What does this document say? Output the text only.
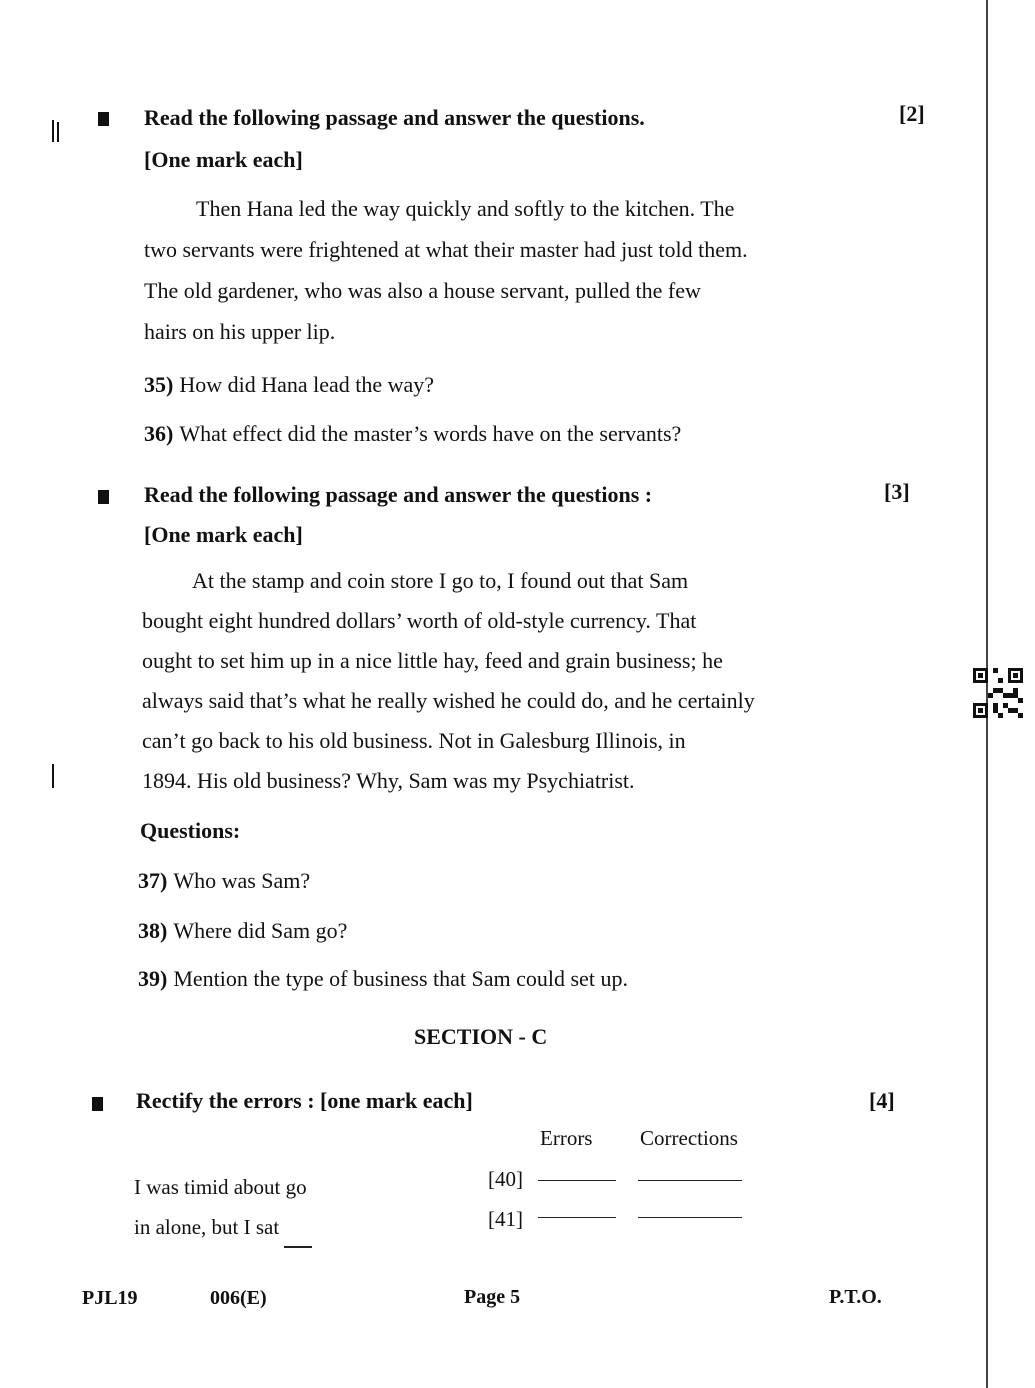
Read the following passage and answer the questions.	[2]
[One mark each]
Then Hana led the way quickly and softly to the kitchen. The
two servants were frightened at what their master had just told them.
The old gardener, who was also a house servant, pulled the few
hairs on his upper lip.
35) How did Hana lead the way?
36) What effect did the master’s words have on the servants?
Read the following passage and answer the questions :	[3]
[One mark each]
At the stamp and coin store I go to, I found out that Sam
bought eight hundred dollars’ worth of old-style currency. That
ought to set him up in a nice little hay, feed and grain business; he
always said that’s what he really wished he could do, and he certainly
can’t go back to his old business. Not in Galesburg Illinois, in
1894. His old business? Why, Sam was my Psychiatrist.
Questions:
37) Who was Sam?
38) Where did Sam go?
39) Mention the type of business that Sam could set up.
SECTION - C
Rectify the errors : [one mark each]	[4]
Errors Corrections
I was timid about go	[40]
in alone, but I sat	[41]
PJL19	006(E)	Page 5	P.T.O.
